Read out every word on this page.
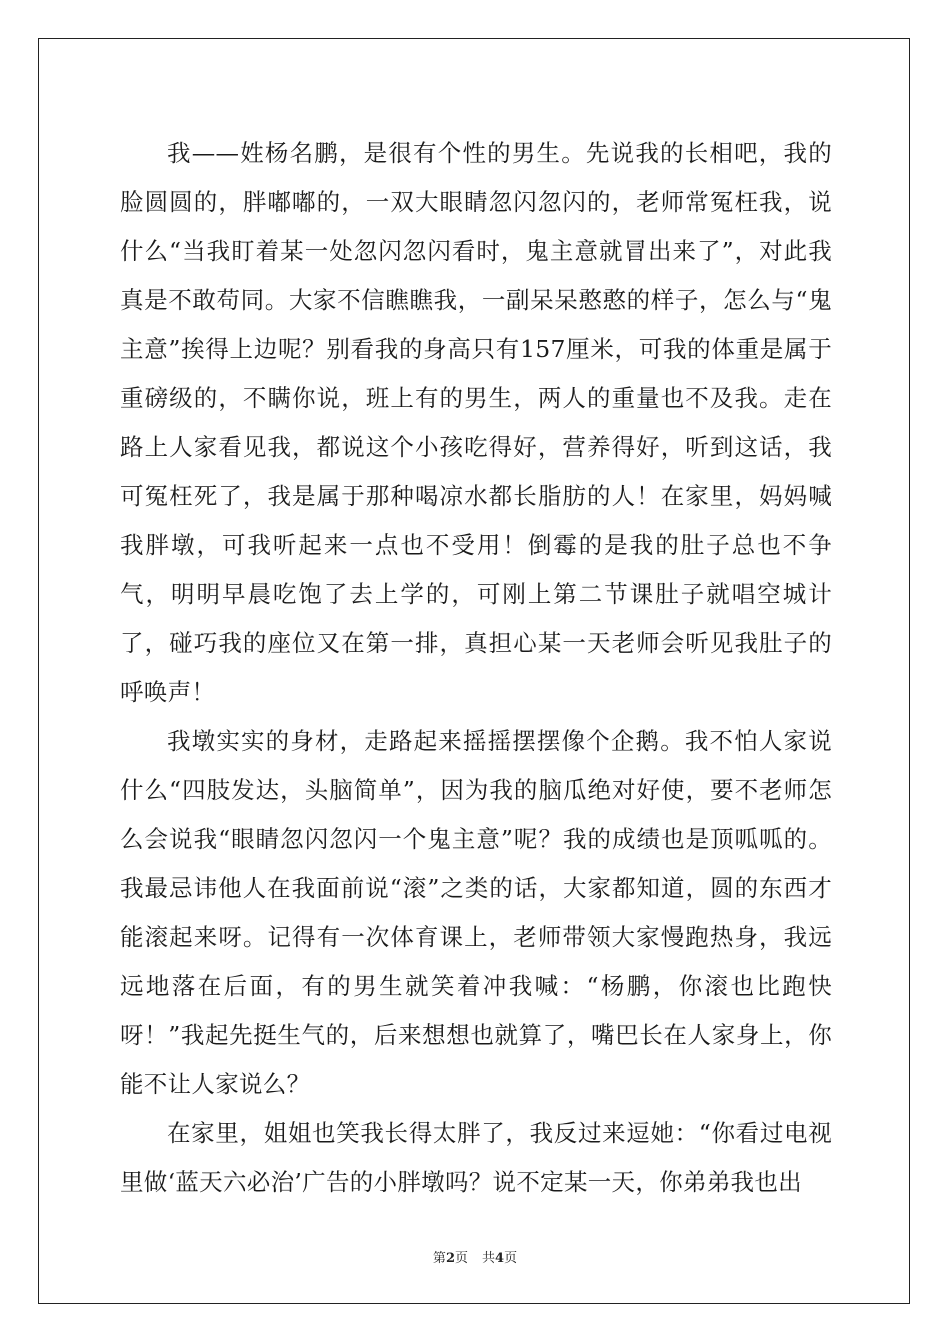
我——姓杨名鹏，是很有个性的男生。先说我的长相吧，我的脸圆圆的，胖嘟嘟的，一双大眼睛忽闪忽闪的，老师常冤枉我，说什么“当我盯着某一处忽闪忽闪看时，鬼主意就冒出来了”，对此我真是不敢苟同。大家不信瞧瞧我，一副呆呆憨憨的样子，怎么与“鬼主意”挨得上边呢？别看我的身高只有157厘米，可我的体重是属于重磅级的，不瞒你说，班上有的男生，两人的重量也不及我。走在路上人家看见我，都说这个小孩吃得好，营养得好，听到这话，我可冤枉死了，我是属于那种喝凉水都长脂肪的人！在家里，妈妈喊我胖墩，可我听起来一点也不受用！倒霉的是我的肚子总也不争气，明明早晨吃饱了去上学的，可刚上第二节课肚子就唱空城计了，碰巧我的座位又在第一排，真担心某一天老师会听见我肚子的呼唤声！

我墩实实的身材，走路起来摇摇摆摆像个企鹅。我不怕人家说什么“四肢发达，头脑简单”，因为我的脑瓜绝对好使，要不老师怎么会说我“眼睛忽闪忽闪一个鬼主意”呢？我的成绩也是顶呱呱的。我最忌讳他人在我面前说“滚”之类的话，大家都知道，圆的东西才能滚起来呀。记得有一次体育课上，老师带领大家慢跑热身，我远远地落在后面，有的男生就笑着冲我喊：“杨鹏，你滚也比跑快呀！”我起先挺生气的，后来想想也就算了，嘴巴长在人家身上，你能不让人家说么？

在家里，姐姐也笑我长得太胖了，我反过来逗她：“你看过电视里做‘蓝天六必治’广告的小胖墩吗？说不定某一天，你弟弟我也出

第2页 共4页
